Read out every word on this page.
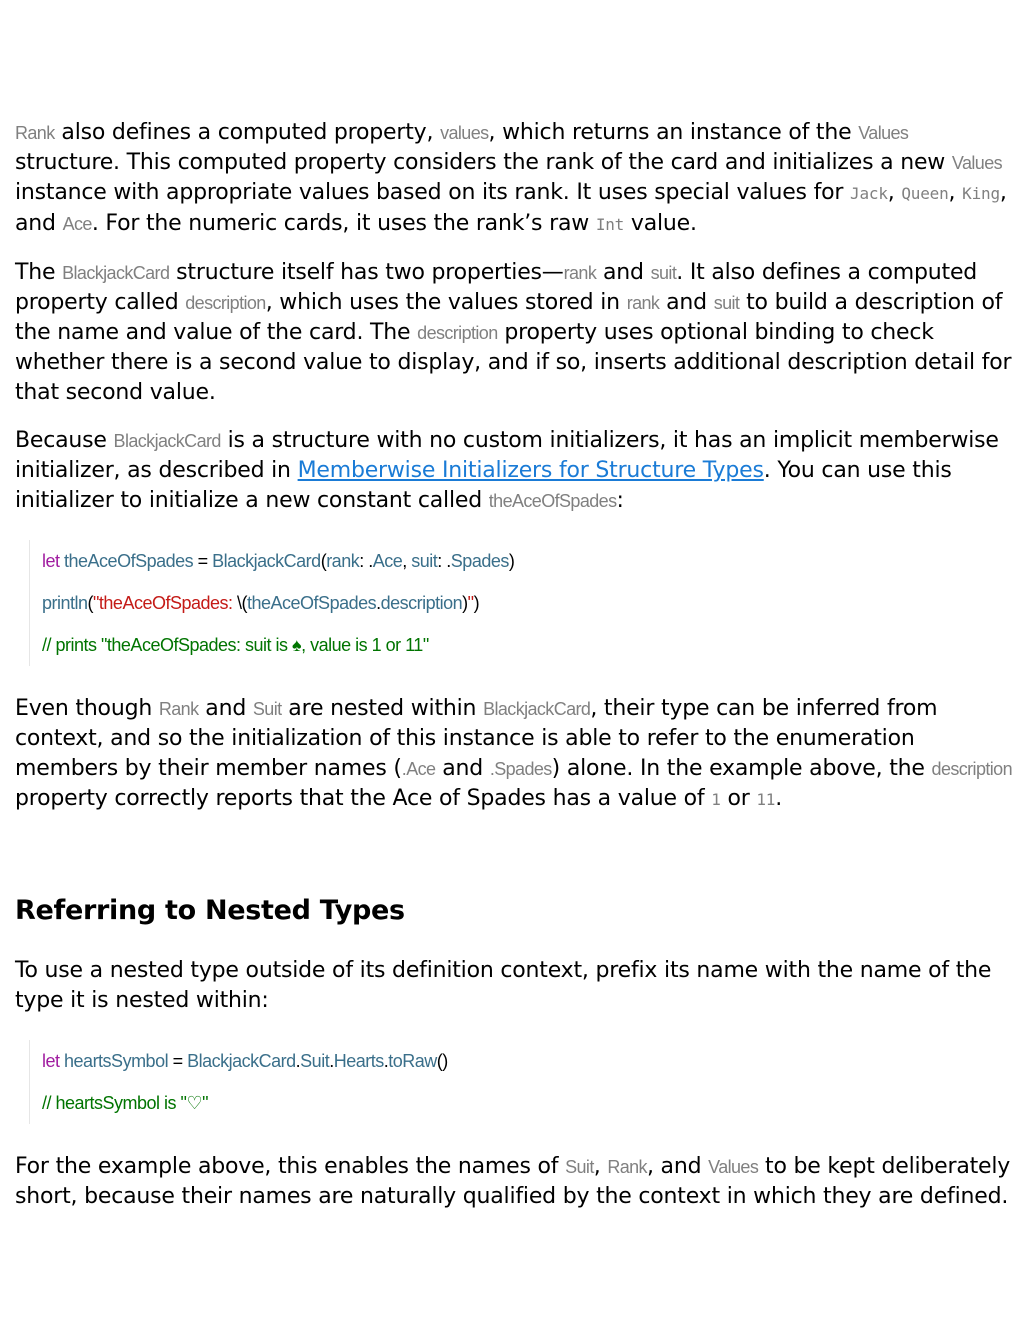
Rank also defines a computed property, values, which returns an instance of the Values structure. This computed property considers the rank of the card and initializes a new Values instance with appropriate values based on its rank. It uses special values for Jack, Queen, King, and Ace. For the numeric cards, it uses the rank’s raw Int value.

The BlackjackCard structure itself has two properties—rank and suit. It also defines a computed property called description, which uses the values stored in rank and suit to build a description of the name and value of the card. The description property uses optional binding to check whether there is a second value to display, and if so, inserts additional description detail for that second value.

Because BlackjackCard is a structure with no custom initializers, it has an implicit memberwise initializer, as described in Memberwise Initializers for Structure Types. You can use this initializer to initialize a new constant called theAceOfSpades:

let theAceOfSpades = BlackjackCard(rank: .Ace, suit: .Spades)
println("theAceOfSpades: \(theAceOfSpades.description)")
// prints "theAceOfSpades: suit is ♠, value is 1 or 11"

Even though Rank and Suit are nested within BlackjackCard, their type can be inferred from context, and so the initialization of this instance is able to refer to the enumeration members by their member names (.Ace and .Spades) alone. In the example above, the description property correctly reports that the Ace of Spades has a value of 1 or 11.

Referring to Nested Types

To use a nested type outside of its definition context, prefix its name with the name of the type it is nested within:

let heartsSymbol = BlackjackCard.Suit.Hearts.toRaw()
// heartsSymbol is "♡"

For the example above, this enables the names of Suit, Rank, and Values to be kept deliberately short, because their names are naturally qualified by the context in which they are defined.
